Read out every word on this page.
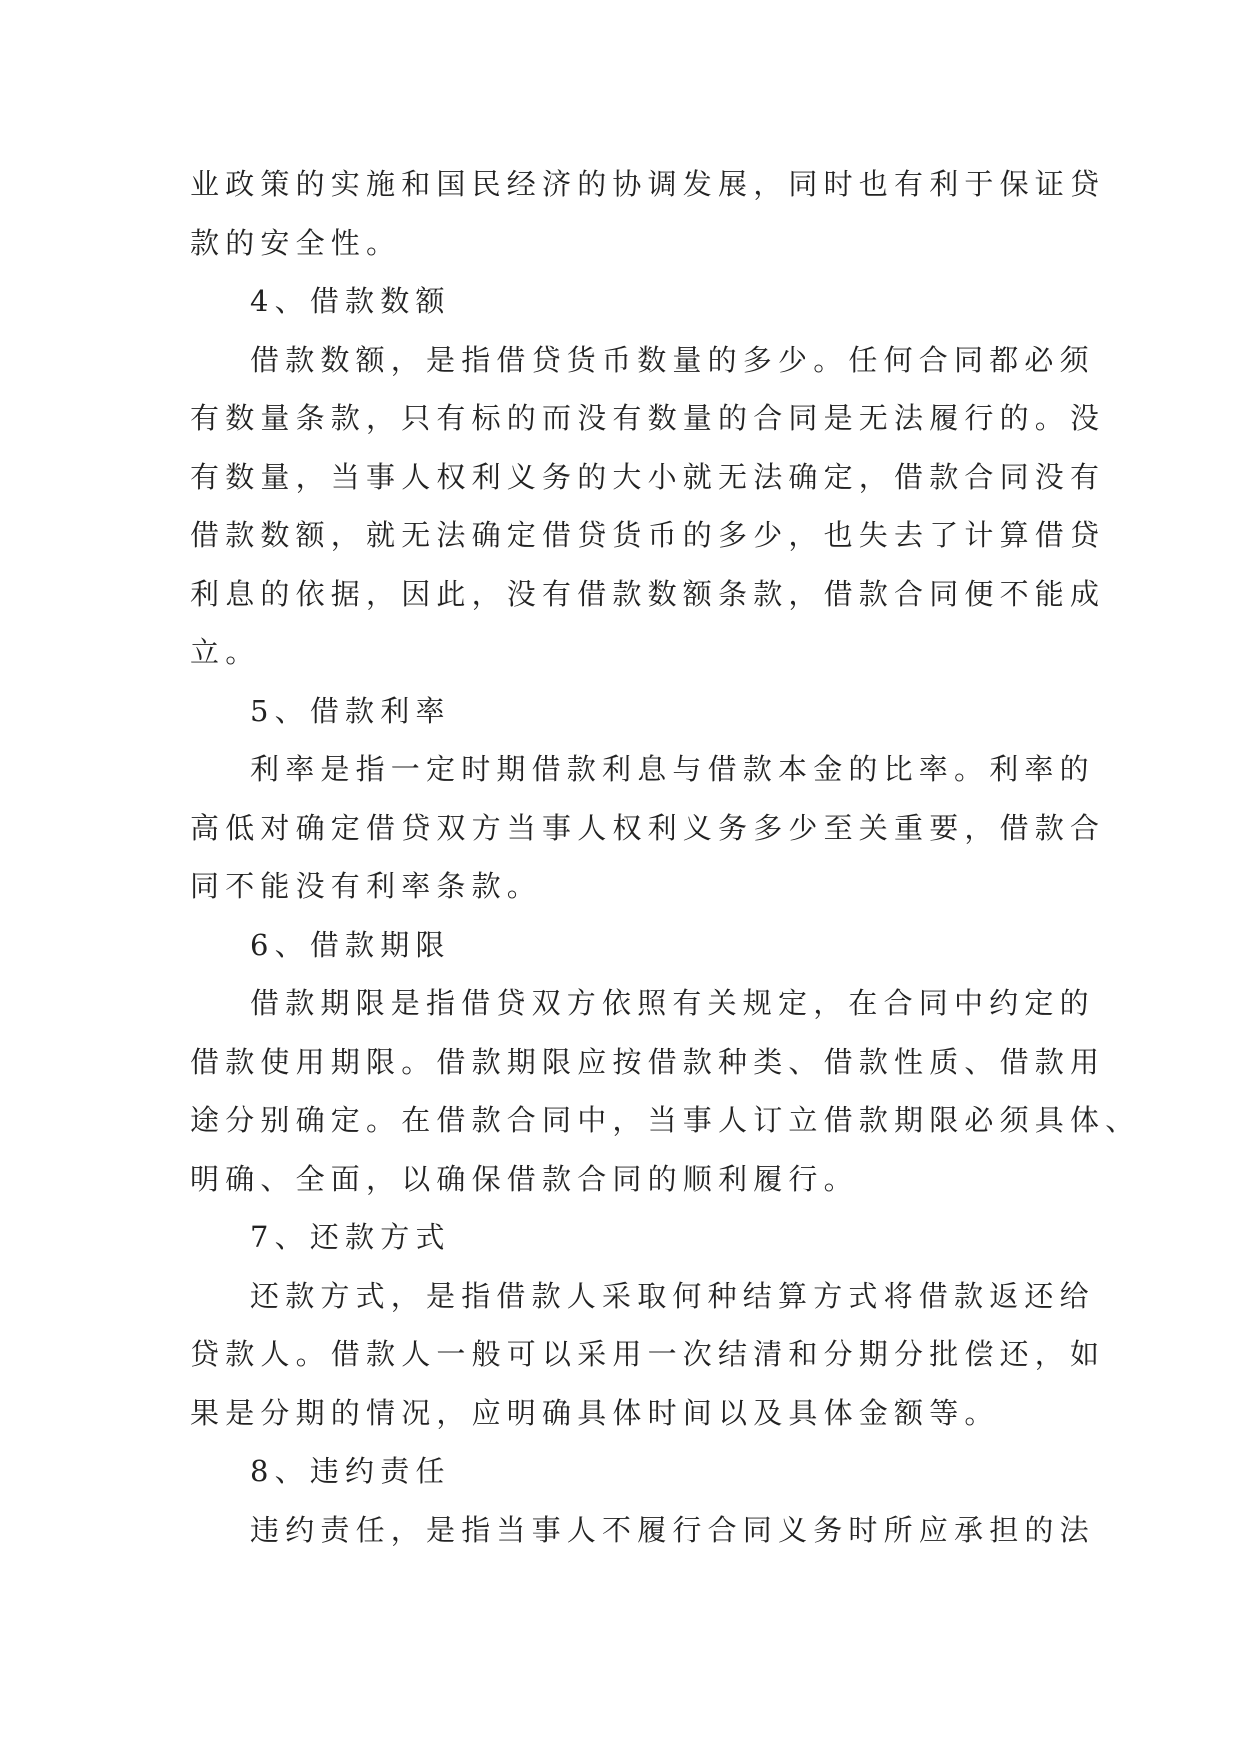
业政策的实施和国民经济的协调发展，同时也有利于保证贷
款的安全性。
4、借款数额
借款数额，是指借贷货币数量的多少。任何合同都必须
有数量条款，只有标的而没有数量的合同是无法履行的。没
有数量，当事人权利义务的大小就无法确定，借款合同没有
借款数额，就无法确定借贷货币的多少，也失去了计算借贷
利息的依据，因此，没有借款数额条款，借款合同便不能成
立。
5、借款利率
利率是指一定时期借款利息与借款本金的比率。利率的
高低对确定借贷双方当事人权利义务多少至关重要，借款合
同不能没有利率条款。
6、借款期限
借款期限是指借贷双方依照有关规定，在合同中约定的
借款使用期限。借款期限应按借款种类、借款性质、借款用
途分别确定。在借款合同中，当事人订立借款期限必须具体、
明确、全面，以确保借款合同的顺利履行。
7、还款方式
还款方式，是指借款人采取何种结算方式将借款返还给
贷款人。借款人一般可以采用一次结清和分期分批偿还，如
果是分期的情况，应明确具体时间以及具体金额等。
8、违约责任
违约责任，是指当事人不履行合同义务时所应承担的法
